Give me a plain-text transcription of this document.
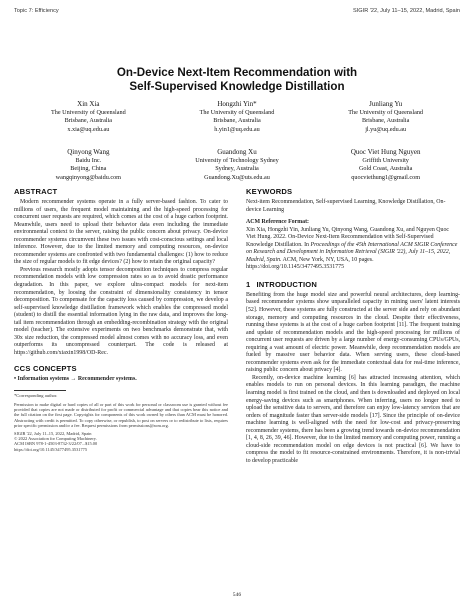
Topic 7: Efficiency	SIGIR '22, July 11–15, 2022, Madrid, Spain
On-Device Next-Item Recommendation with
Self-Supervised Knowledge Distillation
Xin Xia
The University of Queensland
Brisbane, Australia
x.xia@uq.edu.au
Hongzhi Yin*
The University of Queensland
Brisbane, Australia
h.yin1@uq.edu.au
Junliang Yu
The University of Queensland
Brisbane, Australia
jl.yu@uq.edu.au
Qinyong Wang
Baidu Inc.
Beijing, China
wangqinyong@baidu.com
Guandong Xu
University of Technology Sydney
Sydney, Australia
Guandong.Xu@uts.edu.au
Quoc Viet Hung Nguyen
Griffith University
Gold Coast, Australia
quocviethung1@gmail.com
ABSTRACT

Modern recommender systems operate in a fully server-based fashion. To cater to millions of users, the frequent model maintaining and the high-speed processing for concurrent user requests are required, which comes at the cost of a huge carbon footprint. Meanwhile, users need to upload their behavior data even including the immediate environmental context to the server, raising the public concern about privacy. On-device recommender systems circumvent these two issues with cost-conscious settings and local inference. However, due to the limited memory and computing resources, on-device recommender systems are confronted with two fundamental challenges: (1) how to reduce the size of regular models to fit edge devices? (2) how to retain the original capacity?

Previous research mostly adopts tensor decomposition techniques to compress regular recommendation models with low compression rates so as to avoid drastic performance degradation. In this paper, we explore ultra-compact models for next-item recommendation, by loosing the constraint of dimensionality consistency in tensor decomposition. To compensate for the capacity loss caused by compression, we develop a self-supervised knowledge distillation framework which enables the compressed model (student) to distill the essential information lying in the raw data, and improves the long-tail item recommendation through an embedding-recombination strategy with the original model (teacher). The extensive experiments on two benchmarks demonstrate that, with 30x size reduction, the compressed model almost comes with no accuracy loss, and even outperforms its uncompressed counterpart. The code is released at https://github.com/xiaxin1998/OD-Rec.

CCS CONCEPTS
• Information systems → Recommender systems.
*Corresponding author.
Permission to make digital or hard copies of all or part of this work for personal or classroom use is granted without fee provided that copies are not made or distributed for profit or commercial advantage and that copies bear this notice and the full citation on the first page. Copyrights for components of this work owned by others than ACM must be honored. Abstracting with credit is permitted. To copy otherwise, or republish, to post on servers or to redistribute to lists, requires prior specific permission and/or a fee. Request permissions from permissions@acm.org.
SIGIR '22, July 11–15, 2022, Madrid, Spain
© 2022 Association for Computing Machinery.
ACM ISBN 978-1-4503-8732-3/22/07...$15.00
https://doi.org/10.1145/3477495.3531775
KEYWORDS
Next-item Recommendation, Self-supervised Learning, Knowledge Distillation, On-device Learning
ACM Reference Format:
Xin Xia, Hongzhi Yin, Junliang Yu, Qinyong Wang, Guandong Xu, and Nguyen Quoc Viet Hung. 2022. On-Device Next-Item Recommendation with Self-Supervised Knowledge Distillation. In Proceedings of the 45th International ACM SIGIR Conference on Research and Development in Information Retrieval (SIGIR '22), July 11–15, 2022, Madrid, Spain. ACM, New York, NY, USA, 10 pages. https://doi.org/10.1145/3477495.3531775
1 INTRODUCTION

Benefiting from the huge model size and powerful neural architectures, deep learning-based recommender systems show unparalleled capacity in mining users' latent interests [52]. However, these systems are fully constructed at the server side and rely on abundant storage, memory and computing resources in the cloud. Despite their effectiveness, running these systems is at the cost of a huge carbon footprint [11]. The frequent training and update of recommendation models and the high-speed processing for millions of concurrent user requests are driven by a large number of energy-consuming CPUs/GPUs, requiring a vast amount of electric power. Meanwhile, deep recommendation models are fueled by massive user behavior data. When serving users, these cloud-based recommender systems even ask for the immediate contextual data for real-time inference, raising public concern about privacy [4].

Recently, on-device machine learning [6] has attracted increasing attention, which enables models to run on personal devices. In this learning paradigm, the machine learning model is first trained on the cloud, and then is downloaded and deployed on local energy-saving devices such as smartphones. When inferring, users no longer need to upload the sensitive data to servers, and therefore can enjoy low-latency services that are orders of magnitude faster than server-side models [17]. Since the principle of on-device machine learning is well-aligned with the need for low-cost and privacy-preserving recommender systems, there has been a growing trend towards on-device recommendation [1, 4, 8, 26, 39, 46]. However, due to the limited memory and computing power, running a cloud-side recommendation model on edge devices is not practical [6]. We have to compress the model to fit resource-constrained environments. Therefore, it is non-trivial to develop practicable

546
